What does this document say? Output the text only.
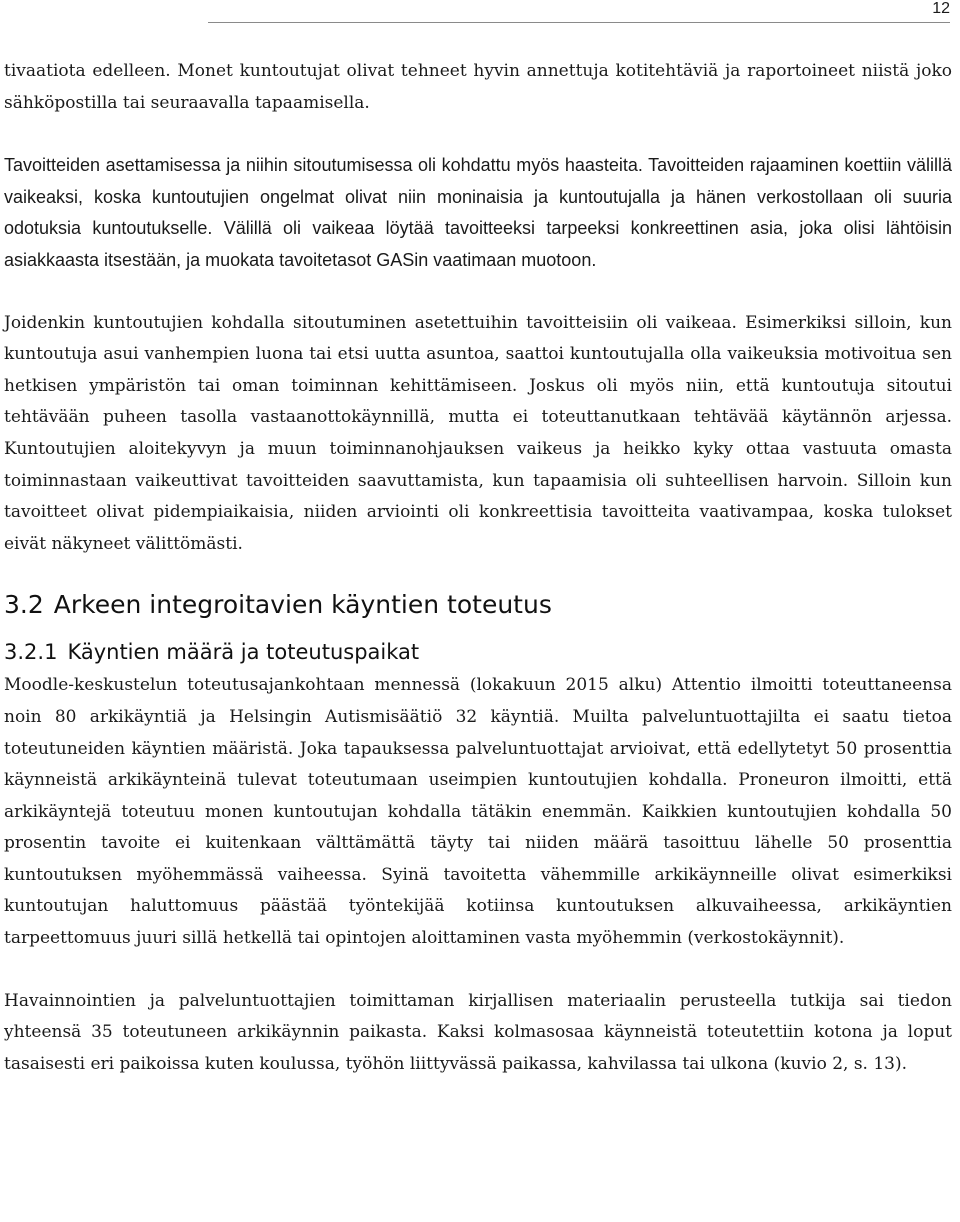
12

tivaatiota edelleen. Monet kuntoutujat olivat tehneet hyvin annettuja kotitehtäviä ja raportoineet niistä joko sähköpostilla tai seuraavalla tapaamisella.

Tavoitteiden asettamisessa ja niihin sitoutumisessa oli kohdattu myös haasteita. Tavoitteiden rajaaminen koettiin välillä vaikeaksi, koska kuntoutujien ongelmat olivat niin moninaisia ja kuntoutujalla ja hänen verkostollaan oli suuria odotuksia kuntoutukselle. Välillä oli vaikeaa löytää tavoitteeksi tarpeeksi konkreettinen asia, joka olisi lähtöisin asiakkaasta itsestään, ja muokata tavoitetasot GASin vaatimaan muotoon.

Joidenkin kuntoutujien kohdalla sitoutuminen asetettuihin tavoitteisiin oli vaikeaa. Esimerkiksi silloin, kun kuntoutuja asui vanhempien luona tai etsi uutta asuntoa, saattoi kuntoutujalla olla vaikeuksia motivoitua sen hetkisen ympäristön tai oman toiminnan kehittämiseen. Joskus oli myös niin, että kuntoutuja sitoutui tehtävään puheen tasolla vastaanottokäynnillä, mutta ei toteuttanutkaan tehtävää käytännön arjessa. Kuntoutujien aloitekyvyn ja muun toiminnanohjauksen vaikeus ja heikko kyky ottaa vastuuta omasta toiminnastaan vaikeuttivat tavoitteiden saavuttamista, kun tapaamisia oli suhteellisen harvoin. Silloin kun tavoitteet olivat pidempiaikaisia, niiden arviointi oli konkreettisia tavoitteita vaativampaa, koska tulokset eivät näkyneet välittömästi.

3.2 Arkeen integroitavien käyntien toteutus
3.2.1 Käyntien määrä ja toteutuspaikat

Moodle-keskustelun toteutusajankohtaan mennessä (lokakuun 2015 alku) Attentio ilmoitti toteuttaneensa noin 80 arkikäyntiä ja Helsingin Autismisäätiö 32 käyntiä. Muilta palveluntuottajilta ei saatu tietoa toteutuneiden käyntien määristä. Joka tapauksessa palveluntuottajat arvioivat, että edellytetyt 50 prosenttia käynneistä arkikäynteinä tulevat toteutumaan useimpien kuntoutujien kohdalla. Proneuron ilmoitti, että arkikäyntejä toteutuu monen kuntoutujan kohdalla tätäkin enemmän. Kaikkien kuntoutujien kohdalla 50 prosentin tavoite ei kuitenkaan välttämättä täyty tai niiden määrä tasoittuu lähelle 50 prosenttia kuntoutuksen myöhemmässä vaiheessa. Syinä tavoitetta vähemmille arkikäynneille olivat esimerkiksi kuntoutujan haluttomuus päästää työntekijää kotiinsa kuntoutuksen alkuvaiheessa, arkikäyntien tarpeettomuus juuri sillä hetkellä tai opintojen aloittaminen vasta myöhemmin (verkostokäynnit).

Havainnointien ja palveluntuottajien toimittaman kirjallisen materiaalin perusteella tutkija sai tiedon yhteensä 35 toteutuneen arkikäynnin paikasta. Kaksi kolmasosaa käynneistä toteutettiin kotona ja loput tasaisesti eri paikoissa kuten koulussa, työhön liittyvässä paikassa, kahvilassa tai ulkona (kuvio 2, s. 13).
